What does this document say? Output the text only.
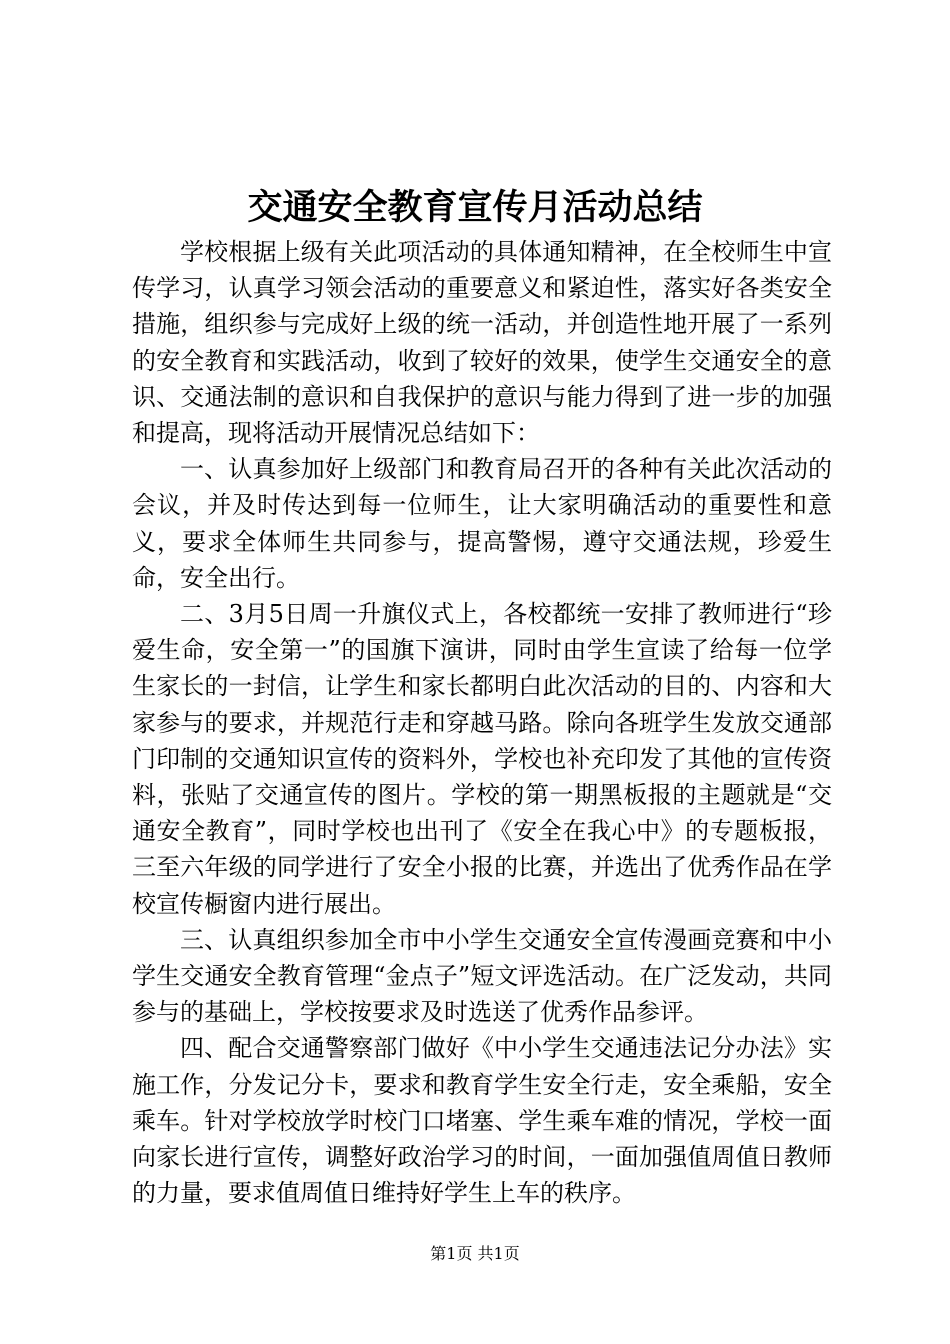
交通安全教育宣传月活动总结

学校根据上级有关此项活动的具体通知精神，在全校师生中宣传学习，认真学习领会活动的重要意义和紧迫性，落实好各类安全措施，组织参与完成好上级的统一活动，并创造性地开展了一系列的安全教育和实践活动，收到了较好的效果，使学生交通安全的意识、交通法制的意识和自我保护的意识与能力得到了进一步的加强和提高，现将活动开展情况总结如下：

一、认真参加好上级部门和教育局召开的各种有关此次活动的会议，并及时传达到每一位师生，让大家明确活动的重要性和意义，要求全体师生共同参与，提高警惕，遵守交通法规，珍爱生命，安全出行。

二、3月5日周一升旗仪式上，各校都统一安排了教师进行“珍爱生命，安全第一”的国旗下演讲，同时由学生宣读了给每一位学生家长的一封信，让学生和家长都明白此次活动的目的、内容和大家参与的要求，并规范行走和穿越马路。除向各班学生发放交通部门印制的交通知识宣传的资料外，学校也补充印发了其他的宣传资料，张贴了交通宣传的图片。学校的第一期黑板报的主题就是“交通安全教育”，同时学校也出刊了《安全在我心中》的专题板报，三至六年级的同学进行了安全小报的比赛，并选出了优秀作品在学校宣传橱窗内进行展出。

三、认真组织参加全市中小学生交通安全宣传漫画竞赛和中小学生交通安全教育管理“金点子”短文评选活动。在广泛发动，共同参与的基础上，学校按要求及时选送了优秀作品参评。

四、配合交通警察部门做好《中小学生交通违法记分办法》实施工作，分发记分卡，要求和教育学生安全行走，安全乘船，安全乘车。针对学校放学时校门口堵塞、学生乘车难的情况，学校一面向家长进行宣传，调整好政治学习的时间，一面加强值周值日教师的力量，要求值周值日维持好学生上车的秩序。

第1页 共1页
